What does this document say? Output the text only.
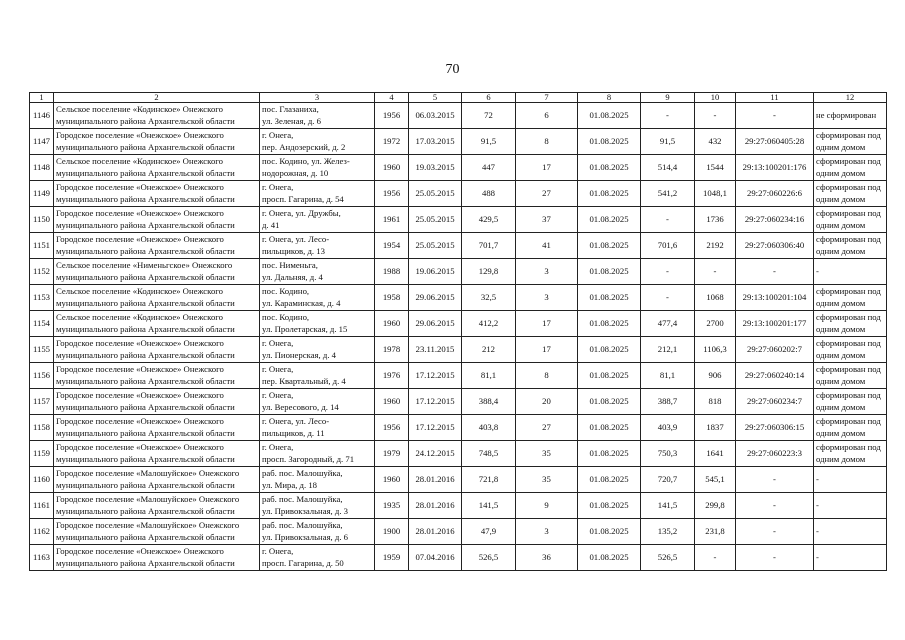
70
1	2	3	4	5	6	7	8	9	10	11	12
1146	Сельское поселение «Кодинское» Онежского
муниципального района Архангельской области	пос. Глазаниха,
ул. Зеленая, д. 6	1956	06.03.2015	72	6	01.08.2025	-	-	-	не сформирован

1147	Городское поселение «Онежское» Онежского
муниципального района Архангельской области	г. Онега,
пер. Андозерский, д. 2	1972	17.03.2015	91,5	8	01.08.2025	91,5	432	29:27:060405:28	сформирован под
одним домом

1148	Сельское поселение «Кодинское» Онежского
муниципального района Архангельской области	пос. Кодино, ул. Желез-
нодорожная, д. 10	1960	19.03.2015	447	17	01.08.2025	514,4	1544	29:13:100201:176	сформирован под
одним домом

1149	Городское поселение «Онежское» Онежского
муниципального района Архангельской области	г. Онега,
просп. Гагарина, д. 54	1956	25.05.2015	488	27	01.08.2025	541,2	1048,1	29:27:060226:6	сформирован под
одним домом

1150	Городское поселение «Онежское» Онежского
муниципального района Архангельской области	г. Онега, ул. Дружбы,
д. 41	1961	25.05.2015	429,5	37	01.08.2025	-	1736	29:27:060234:16	сформирован под
одним домом

1151	Городское поселение «Онежское» Онежского
муниципального района Архангельской области	г. Онега, ул. Лесо-
пильщиков, д. 13	1954	25.05.2015	701,7	41	01.08.2025	701,6	2192	29:27:060306:40	сформирован под
одним домом

1152	Сельское поселение «Нименьгское» Онежского
муниципального района Архангельской области	пос. Нименьга,
ул. Дальняя, д. 4	1988	19.06.2015	129,8	3	01.08.2025	-	-	-	-

1153	Сельское поселение «Кодинское» Онежского
муниципального района Архангельской области	пос. Кодино,
ул. Карaминская, д. 4	1958	29.06.2015	32,5	3	01.08.2025	-	1068	29:13:100201:104	сформирован под
одним домом

1154	Сельское поселение «Кодинское» Онежского
муниципального района Архангельской области	пос. Кодино,
ул. Пролетарская, д. 15	1960	29.06.2015	412,2	17	01.08.2025	477,4	2700	29:13:100201:177	сформирован под
одним домом

1155	Городское поселение «Онежское» Онежского
муниципального района Архангельской области	г. Онега,
ул. Пионерская, д. 4	1978	23.11.2015	212	17	01.08.2025	212,1	1106,3	29:27:060202:7	сформирован под
одним домом

1156	Городское поселение «Онежское» Онежского
муниципального района Архангельской области	г. Онега,
пер. Квартальный, д. 4	1976	17.12.2015	81,1	8	01.08.2025	81,1	906	29:27:060240:14	сформирован под
одним домом

1157	Городское поселение «Онежское» Онежского
муниципального района Архангельской области	г. Онега,
ул. Вересового, д. 14	1960	17.12.2015	388,4	20	01.08.2025	388,7	818	29:27:060234:7	сформирован под
одним домом

1158	Городское поселение «Онежское» Онежского
муниципального района Архангельской области	г. Онега, ул. Лесо-
пильщиков, д. 11	1956	17.12.2015	403,8	27	01.08.2025	403,9	1837	29:27:060306:15	сформирован под
одним домом

1159	Городское поселение «Онежское» Онежского
муниципального района Архангельской области	г. Онега,
просп. Загородный, д. 71	1979	24.12.2015	748,5	35	01.08.2025	750,3	1641	29:27:060223:3	сформирован под
одним домом

1160	Городское поселение «Малошуйское» Онежского
муниципального района Архангельской области	раб. пос. Малошуйка,
ул. Мира, д. 18	1960	28.01.2016	721,8	35	01.08.2025	720,7	545,1	-	-

1161	Городское поселение «Малошуйское» Онежского
муниципального района Архангельской области	раб. пос. Малошуйка,
ул. Привокзальная, д. 3	1935	28.01.2016	141,5	9	01.08.2025	141,5	299,8	-	-

1162	Городское поселение «Малошуйское» Онежского
муниципального района Архангельской области	раб. пос. Малошуйка,
ул. Привокзальная, д. 6	1900	28.01.2016	47,9	3	01.08.2025	135,2	231,8	-	-

1163	Городское поселение «Онежское» Онежского
муниципального района Архангельской области	г. Онега,
просп. Гагарина, д. 50	1959	07.04.2016	526,5	36	01.08.2025	526,5	-	-	-
